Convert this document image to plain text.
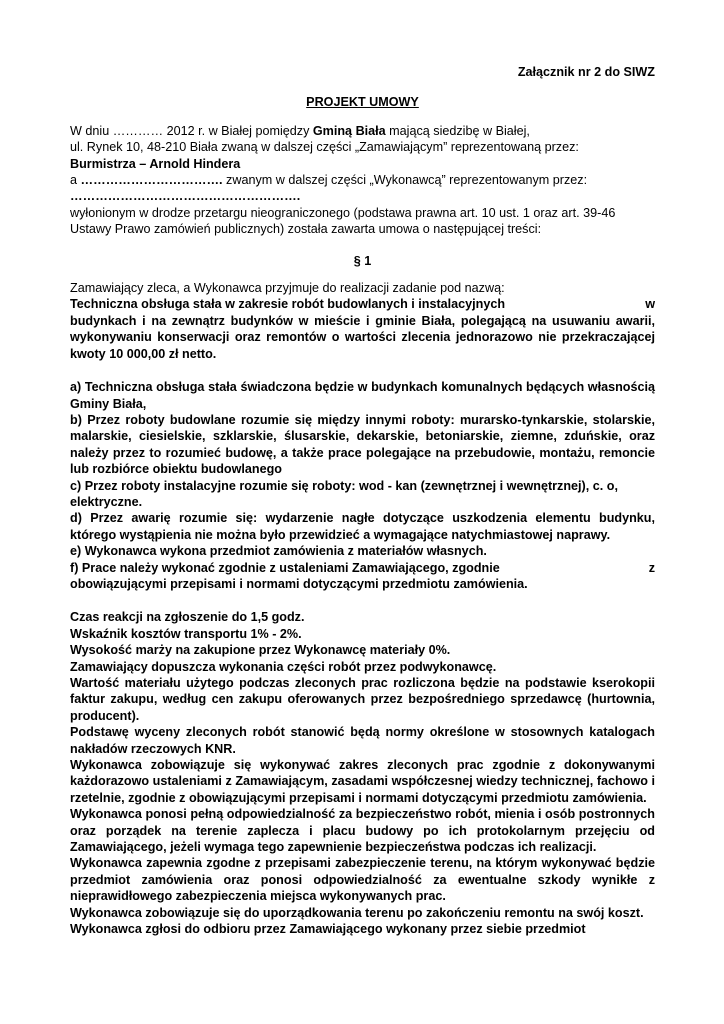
Załącznik nr 2 do SIWZ

PROJEKT UMOWY

W dniu ………… 2012 r. w Białej pomiędzy Gminą Biała mającą siedzibę w Białej,

ul. Rynek 10, 48-210 Biała zwaną w dalszej części „Zamawiającym” reprezentowaną przez:

Burmistrza – Arnold Hindera

a ……………………………. zwanym w dalszej części „Wykonawcą” reprezentowanym przez:

……………………………………………….

wyłonionym w drodze przetargu nieograniczonego (podstawa prawna art. 10 ust. 1 oraz art. 39-46 Ustawy Prawo zamówień publicznych) została zawarta umowa o następującej treści:

§ 1

Zamawiający zleca, a Wykonawca przyjmuje do realizacji zadanie pod nazwą:

Techniczna obsługa stała w zakresie robót budowlanych i instalacyjnych	w

budynkach i na zewnątrz budynków w mieście i gminie Biała, polegającą na usuwaniu awarii, wykonywaniu konserwacji oraz remontów o wartości zlecenia jednorazowo nie przekraczającej kwoty 10 000,00 zł netto.

a) Techniczna obsługa stała świadczona będzie w budynkach komunalnych będących własnością Gminy Biała,

b) Przez roboty budowlane rozumie się między innymi roboty: murarsko-tynkarskie, stolarskie, malarskie, ciesielskie, szklarskie, ślusarskie, dekarskie, betoniarskie, ziemne, zduńskie, oraz należy przez to rozumieć budowę, a także prace polegające na przebudowie, montażu, remoncie lub rozbiórce obiektu budowlanego

c) Przez roboty instalacyjne rozumie się roboty: wod - kan (zewnętrznej i wewnętrznej), c. o, elektryczne.

d) Przez awarię rozumie się: wydarzenie nagłe dotyczące uszkodzenia elementu budynku, którego wystąpienia nie można było przewidzieć a wymagające natychmiastowej naprawy.

e) Wykonawca wykona przedmiot zamówienia z materiałów własnych.

f) Prace należy wykonać zgodnie z ustaleniami Zamawiającego, zgodnie	z

obowiązującymi przepisami i normami dotyczącymi przedmiotu zamówienia.

Czas reakcji na zgłoszenie do 1,5 godz.

Wskaźnik kosztów transportu 1% - 2%.

Wysokość marży na zakupione przez Wykonawcę materiały 0%.

Zamawiający dopuszcza wykonania części robót przez podwykonawcę.

Wartość materiału użytego podczas zleconych prac rozliczona będzie na podstawie kserokopii faktur zakupu, według cen zakupu oferowanych przez bezpośredniego sprzedawcę (hurtownia, producent).

Podstawę wyceny zleconych robót stanowić będą normy określone w stosownych katalogach nakładów rzeczowych KNR.

Wykonawca zobowiązuje się wykonywać zakres zleconych prac zgodnie z dokonywanymi każdorazowo ustaleniami z Zamawiającym, zasadami współczesnej wiedzy technicznej, fachowo i rzetelnie, zgodnie z obowiązującymi przepisami i normami dotyczącymi przedmiotu zamówienia.

Wykonawca ponosi pełną odpowiedzialność za bezpieczeństwo robót, mienia i osób postronnych oraz porządek na terenie zaplecza i placu budowy po ich protokolarnym przejęciu od Zamawiającego, jeżeli wymaga tego zapewnienie bezpieczeństwa podczas ich realizacji.

Wykonawca zapewnia zgodne z przepisami zabezpieczenie terenu, na którym wykonywać będzie przedmiot zamówienia oraz ponosi odpowiedzialność za ewentualne szkody wynikłe z nieprawidłowego zabezpieczenia miejsca wykonywanych prac.

Wykonawca zobowiązuje się do uporządkowania terenu po zakończeniu remontu na swój koszt.

Wykonawca zgłosi do odbioru przez Zamawiającego wykonany przez siebie przedmiot
